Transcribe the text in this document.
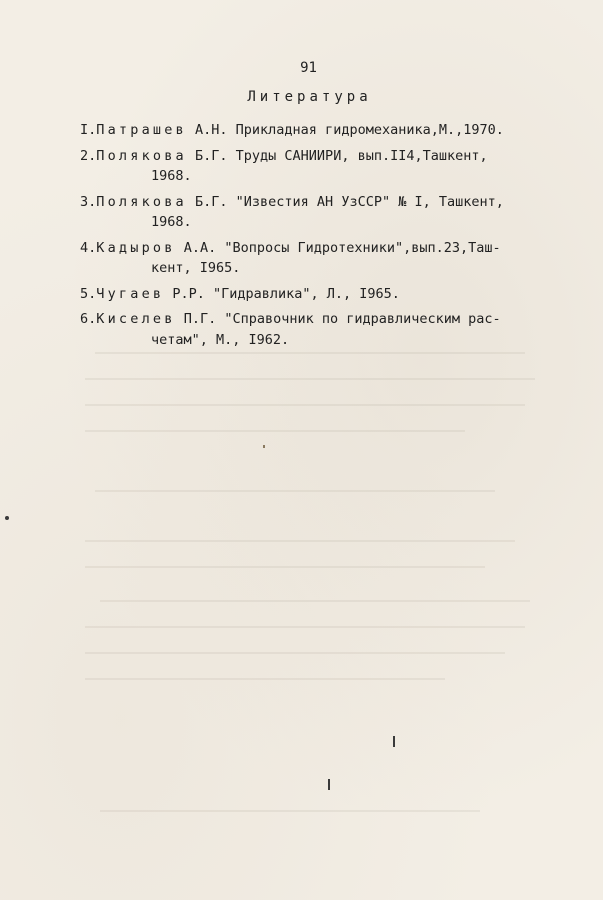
91
Литература
I.Патрашев А.Н. Прикладная гидромеханика,М.,1970.
2.Полякова Б.Г. Труды САНИИРИ, вып.II4,Ташкент,
1968.
3.Полякова Б.Г. "Известия АН УзССР" № I, Ташкент,
1968.
4.Кадыров А.А. "Вопросы Гидротехники",вып.23,Таш-
кент, I965.
5.Чугаев Р.Р. "Гидравлика", Л., I965.
6.Киселев П.Г. "Справочник по гидравлическим рас-
четам", М., I962.
